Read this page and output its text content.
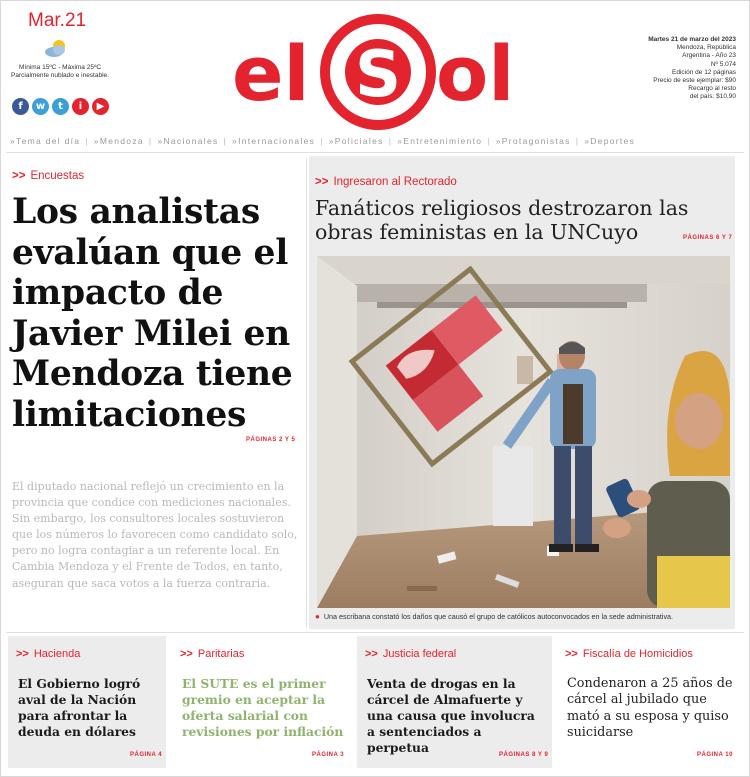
Mar.21
Mínima 15ºC - Máxima 25ºC
Parcialmente nublado e inestable.
f	w	t	i	▶ el S ol	Martes 21 de marzo del 2023
Mendoza, República
Argentina - Año 23
Nº 5.074
Edición de 12 páginas
Precio de este ejemplar: $90
Recargo al resto
del país: $10,90
»Tema del día | »Mendoza | »Nacionales | »Internacionales | »Policiales | »Entretenimiento | »Protagonistas | »Deportes
>> Encuestas
Los analistas evalúan que el impacto de Javier Milei en Mendoza tiene limitaciones
PÁGINAS 2 Y 5
El diputado nacional reflejó un crecimiento en la provincia que condice con mediciones nacionales. Sin embargo, los consultores locales sostuvieron que los números lo favorecen como candidato solo, pero no logra contagiar a un referente local. En Cambia Mendoza y el Frente de Todos, en tanto, aseguran que saca votos a la fuerza contraria.
>> Ingresaron al Rectorado
Fanáticos religiosos destrozaron las obras feministas en la UNCuyo	PÁGINAS 6 Y 7
● Una escribana constató los daños que causó el grupo de católicos autoconvocados en la sede administrativa.
>> Hacienda
El Gobierno logró aval de la Nación para afrontar la deuda en dólares
PÁGINA 4
>> Paritarias
El SUTE es el primer gremio en aceptar la oferta salarial con revisiones por inflación
PÁGINA 3
>> Justicia federal
Venta de drogas en la cárcel de Almafuerte y una causa que involucra a sentenciados a perpetua	PÁGINAS 8 Y 9
>> Fiscalía de Homicidios
Condenaron a 25 años de cárcel al jubilado que mató a su esposa y quiso suicidarse
PÁGINA 10
